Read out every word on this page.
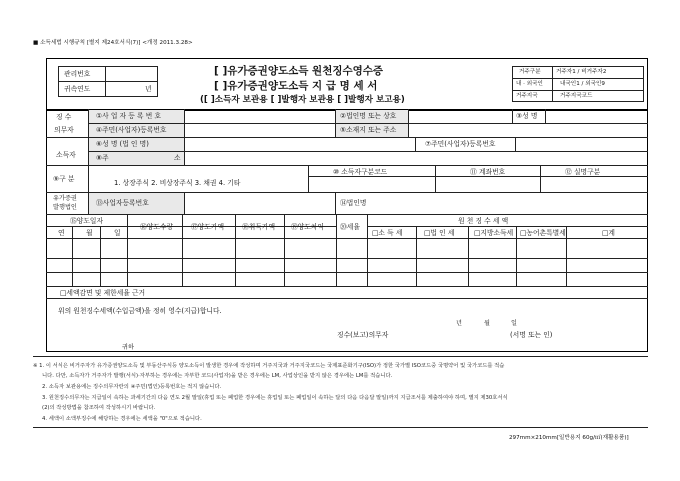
■ 소득세법 시행규칙 [별지 제24호서식(7)] <개정 2011.3.28>
관리번호
귀속연도	년
[ ]유가증권양도소득 원천징수영수증
[ ]유가증권양도소득 지 급 명 세 서
([ ]소득자 보관용 [ ]발행자 보관용 [ ]발행자 보고용)
거주구분	거주자1 / 비거주자2
내 · 외국인	내국인1 / 외국인9
거주지국	거주지국코드
징 수
의무자
소득자
①사 업 자 등 록 번 호	②법인명 또는 상호	③성 명
④주민(사업자)등록번호	⑤소재지 또는 주소
⑥성 명 (법 인 명)	⑦주민(사업자)등록번호
⑧주	소
⑨구 분	1. 상장주식 2. 비상장주식 3. 채권 4. 기타
⑩ 소득자구분코드	⑪ 계좌번호	⑫ 실명구분
유가증권
발행법인
⑬사업자등록번호	⑭법인명
⑮양도일자
연	월	일
⑯양도수량	⑰양도가액	⑱취득가액 ⑲양도차익 ⑳세율
원 천 징 수 세 액
□소 득 세	□법 인 세	□지방소득세 □농어촌특별세	□계
□세액감면 및 제한세율 근거
위의 원천징수세액(수입금액)을 정히 영수(지급)합니다.
년	월	일
징수(보고)의무자	(서명 또는 인)
귀하
※ 1. 이 서식은 비거주자가 유가증권양도소득 및 부동산주식등 양도소득이 발생한 경우에 작성하며 거주지국과 거주지국코드는 국제표준화기구(ISO)가 정한 국가별 ISO코드중 국명약어 및 국가코드를 적습
니다. 다만, 소득자가 거주자가 발행(서식)·자부하는 경우에는 자부한 코드(사업자)을 받은 경우에는 LM, 사업상인을 받지 않은 경우에는 LM를 적습니다.
2. 소득자 보관용에는 징수의무자란의 ④주민(법인)등록번호는 적지 않습니다.
3. 원천징수의무자는 지급일이 속하는 과세기간의 다음 연도 2월 말일(휴업 또는 폐업한 경우에는 휴업일 또는 폐업일이 속하는 달의 다음 다음달 말일)까지 지급조서를 제출하여야 하며, 별지 제30호서식
(2)의 작성방법을 참조하여 작성하시기 바랍니다.
4. 세액이 소액부징수에 해당하는 경우에는 세액을 "0"으로 적습니다.
297mm×210mm[일반용지 60g/㎡(재활용품)]
